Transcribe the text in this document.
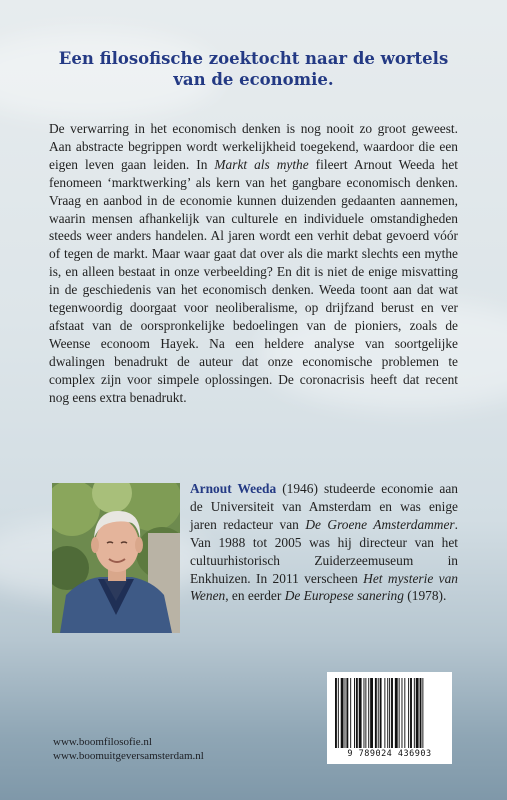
Een filosofische zoektocht naar de wortels
van de economie.
De verwarring in het economisch denken is nog nooit zo groot geweest. Aan abstracte begrippen wordt werkelijkheid toegekend, waardoor die een eigen leven gaan leiden. In Markt als mythe fileert Arnout Weeda het fenomeen ‘marktwerking’ als kern van het gangbare economisch denken. Vraag en aanbod in de economie kunnen duizenden gedaanten aannemen, waarin mensen afhankelijk van culturele en individuele omstandigheden steeds weer anders handelen. Al jaren wordt een verhit debat gevoerd vóór of tegen de markt. Maar waar gaat dat over als die markt slechts een mythe is, en alleen bestaat in onze verbeelding? En dit is niet de enige misvatting in de geschiedenis van het economisch denken. Weeda toont aan dat wat tegenwoordig doorgaat voor neoliberalisme, op drijfzand berust en ver afstaat van de oorspronkelijke bedoelingen van de pioniers, zoals de Weense econoom Hayek. Na een heldere analyse van soortgelijke dwalingen benadrukt de auteur dat onze economische problemen te complex zijn voor simpele oplossingen. De coronacrisis heeft dat recent nog eens extra benadrukt.
Arnout Weeda (1946) studeerde economie aan de Universiteit van Amsterdam en was enige jaren redacteur van De Groene Amsterdammer. Van 1988 tot 2005 was hij directeur van het cultuurhistorisch Zuiderzeemuseum in Enkhuizen. In 2011 verscheen Het mysterie van Wenen, en eerder De Europese sanering (1978).
9 789024 436903
www.boomfilosofie.nl
www.boomuitgeversamsterdam.nl
